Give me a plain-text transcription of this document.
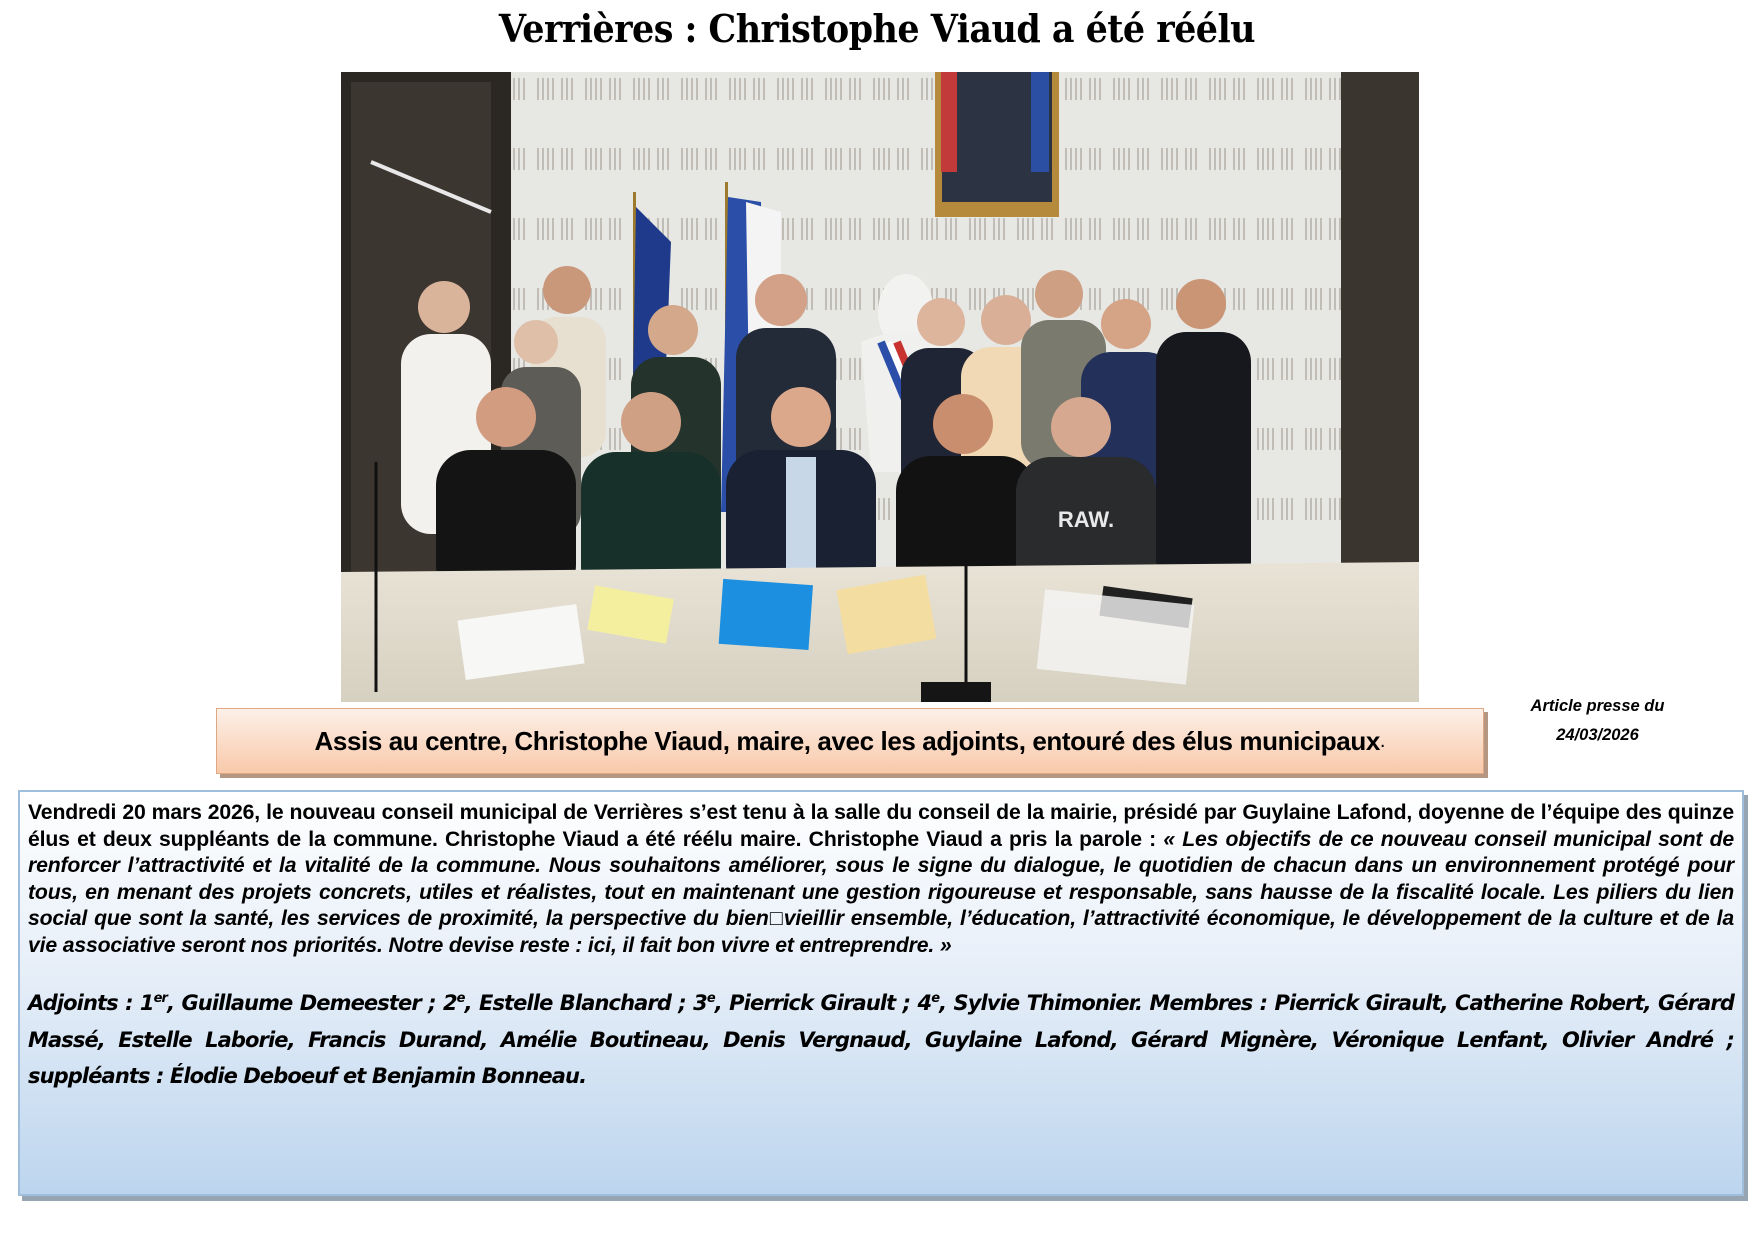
Verrières : Christophe Viaud a été réélu
RAW.
Assis au centre, Christophe Viaud, maire, avec les adjoints, entouré des élus municipaux .
Article presse du
24/03/2026
Vendredi 20 mars 2026, le nouveau conseil municipal de Verrières s’est tenu à la salle du conseil de la mairie, présidé par Guylaine Lafond, doyenne de l’équipe des quinze élus et deux suppléants de la commune. Christophe Viaud a été réélu maire. Christophe Viaud a pris la parole : « Les objectifs de ce nouveau conseil municipal sont de renforcer l’attractivité et la vitalité de la commune. Nous souhaitons améliorer, sous le signe du dialogue, le quotidien de chacun dans un environnement protégé pour tous, en menant des projets concrets, utiles et réalistes, tout en maintenant une gestion rigoureuse et responsable, sans hausse de la fiscalité locale. Les piliers du lien social que sont la santé, les services de proximité, la perspective du bien□vieillir ensemble, l’éducation, l’attractivité économique, le développement de la culture et de la vie associative seront nos priorités. Notre devise reste : ici, il fait bon vivre et entreprendre. »
Adjoints : 1er, Guillaume Demeester ; 2e, Estelle Blanchard ; 3e, Pierrick Girault ; 4e, Sylvie Thimonier. Membres : Pierrick Girault, Catherine Robert, Gérard Massé, Estelle Laborie, Francis Durand, Amélie Boutineau, Denis Vergnaud, Guylaine Lafond, Gérard Mignère, Véronique Lenfant, Olivier André ; suppléants : Élodie Deboeuf et Benjamin Bonneau.
